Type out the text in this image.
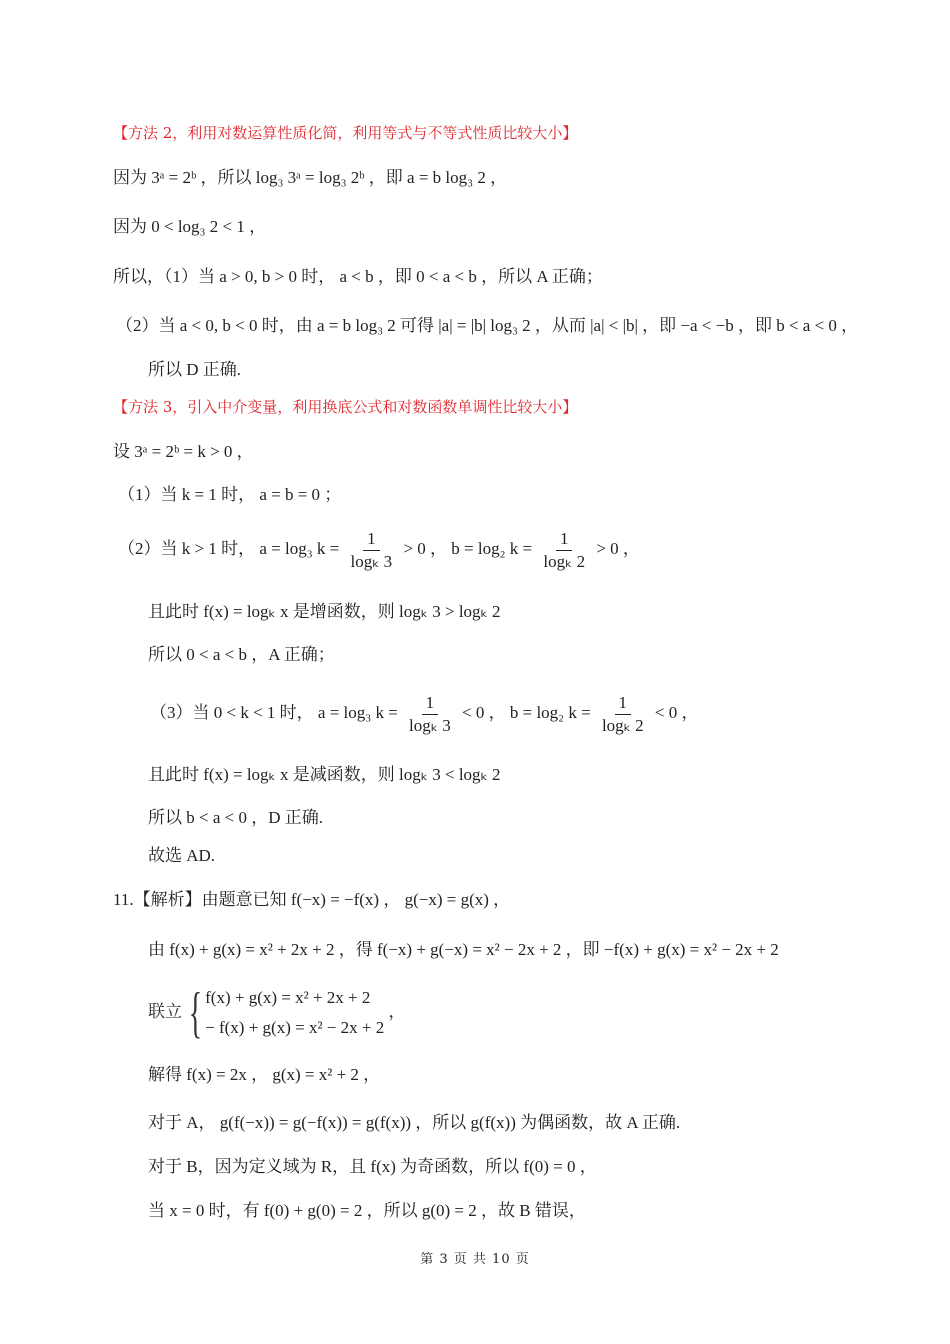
【方法 2，利用对数运算性质化简，利用等式与不等式性质比较大小】
因为 3ᵃ = 2ᵇ ，所以 log₃ 3ᵃ = log₃ 2ᵇ ，即 a = b log₃ 2 ，
因为 0 < log₃ 2 < 1 ，
所以，（1）当 a > 0, b > 0 时， a < b ，即 0 < a < b ，所以 A 正确；
（2）当 a < 0, b < 0 时，由 a = b log₃ 2 可得 |a| = |b| log₃ 2 ，从而 |a| < |b| ，即 −a < −b ，即 b < a < 0 ，
所以 D 正确.
【方法 3，引入中介变量，利用换底公式和对数函数单调性比较大小】
设 3ᵃ = 2ᵇ = k > 0 ，
（1）当 k = 1 时， a = b = 0 ；
（2）当 k > 1 时， a = log₃ $k = \frac{1}{\text{logₖ 3}} > 0$ ， b = log₂ $k = \frac{1}{\text{logₖ 2}} > 0$ ，
且此时 f(x) = logₖ x 是增函数，则 logₖ 3 > logₖ 2
所以 0 < a < b ，A 正确；
（3）当 0 < k < 1 时， a = log₃ $k = \frac{1}{\text{logₖ 3}} < 0$ ， b = log₂ $k = \frac{1}{\text{logₖ 2}} < 0$ ，
且此时 f(x) = logₖ x 是减函数，则 logₖ 3 < logₖ 2
所以 b < a < 0 ，D 正确.
故选 AD.
11.【解析】由题意已知 f(−x) = −f(x) ， g(−x) = g(x) ，
由 f(x) + g(x) = x² + 2x + 2 ，得 f(−x) + g(−x) = x² − 2x + 2 ，即 −f(x) + g(x) = x² − 2x + 2
联立 { f(x) + g(x) = x² + 2x + 2
− f(x) + g(x) = x² − 2x + 2
，
解得 f(x) = 2x ， g(x) = x² + 2 ，
对于 A， g(f(−x)) = g(−f(x)) = g(f(x)) ，所以 g(f(x)) 为偶函数，故 A 正确.
对于 B，因为定义域为 R，且 f(x) 为奇函数，所以 f(0) = 0 ，
当 x = 0 时，有 f(0) + g(0) = 2 ，所以 g(0) = 2 ，故 B 错误，
第 3 页 共 10 页
